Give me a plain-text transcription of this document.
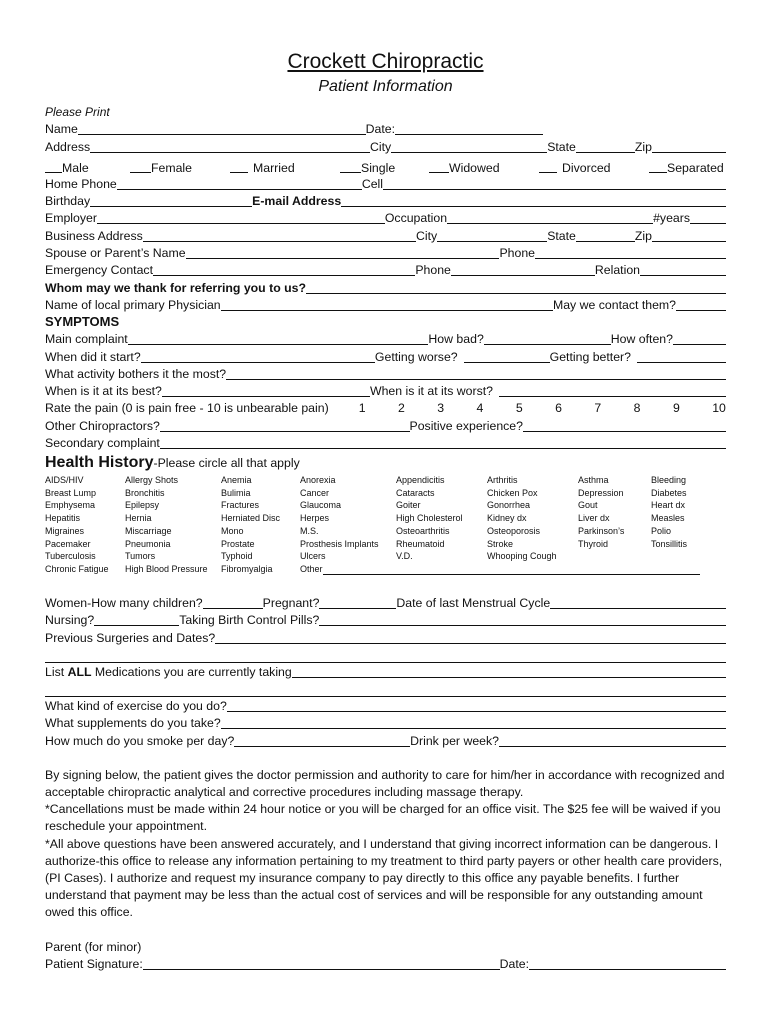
Crockett Chiropractic
Patient Information
Please Print
Name	Date:
Address	City	State	Zip
Male	Female	Married	Single	Widowed	Divorced	Separated
Home Phone	Cell
Birthday	E-mail Address
Employer	Occupation	#years
Business Address	City	State	Zip
Spouse or Parent’s Name	Phone
Emergency Contact	Phone	Relation
Whom may we thank for referring you to us?
Name of local primary Physician	May we contact them?
SYMPTOMS
Main complaint	How bad?	How often?
When did it start?	Getting worse?	Getting better?
What activity bothers it the most?
When is it at its best?	When is it at its worst?
Rate the pain (0 is pain free - 10 is unbearable pain) 1	2	3	4	5	6	7	8	9	10
Other Chiropractors?	Positive experience?
Secondary complaint
Health History-Please circle all that apply
AIDS/HIV	Allergy Shots	Anemia	Anorexia	Appendicitis	Arthritis	Asthma	Bleeding
Breast Lump	Bronchitis	Bulimia	Cancer	Cataracts	Chicken Pox	Depression	Diabetes
Emphysema	Epilepsy	Fractures	Glaucoma	Goiter	Gonorrhea	Gout	Heart dx
Hepatitis	Hernia	Herniated Disc	Herpes	High Cholesterol	Kidney dx	Liver dx	Measles
Migraines	Miscarriage	Mono	M.S.	Osteoarthritis	Osteoporosis	Parkinson’s	Polio
Pacemaker	Pneumonia	Prostate	Prosthesis Implants	Rheumatoid	Stroke	Thyroid	Tonsillitis
Tuberculosis	Tumors	Typhoid	Ulcers	V.D.	Whooping Cough
Chronic Fatigue	High Blood Pressure	Fibromyalgia	Other
Women-How many children?	Pregnant?	Date of last Menstrual Cycle
Nursing?	Taking Birth Control Pills?
Previous Surgeries and Dates?
List ALL Medications you are currently taking
What kind of exercise do you do?
What supplements do you take?
How much do you smoke per day?	Drink per week?

By signing below, the patient gives the doctor permission and authority to care for him/her in accordance with recognized and acceptable chiropractic analytical and corrective procedures including massage therapy.

*Cancellations must be made within 24 hour notice or you will be charged for an office visit. The $25 fee will be waived if you reschedule your appointment.

*All above questions have been answered accurately, and I understand that giving incorrect information can be dangerous. I authorize-this office to release any information pertaining to my treatment to third party payers or other health care providers, (PI Cases). I authorize and request my insurance company to pay directly to this office any payable benefits. I further understand that payment may be less than the actual cost of services and will be responsible for any outstanding amount owed this office.

Parent (for minor)
Patient Signature:	Date:
